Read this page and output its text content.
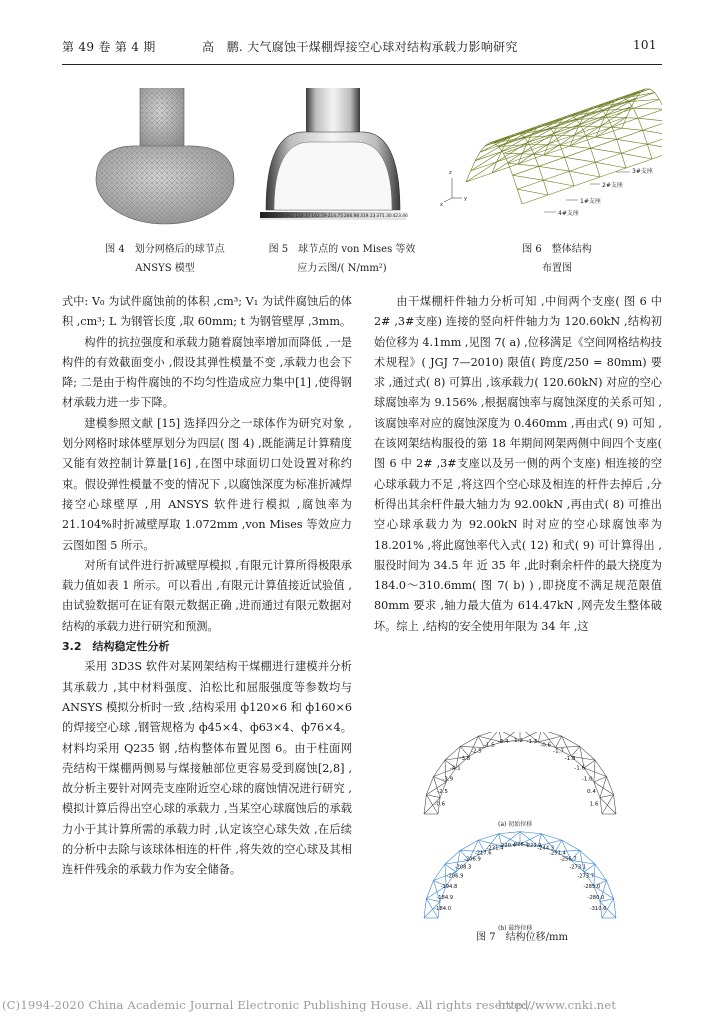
第 49 卷 第 4 期	高　鹏. 大气腐蚀干煤棚焊接空心球对结构承载力影响研究	101
图 4　划分网格后的球节点
ANSYS 模型
6.214E8 57.911 110.37 162.59 214.75 266.98 319.13 371.30 423.46
图 5　球节点的 von Mises 等效
应力云图/( N/mm²)
z
x
y
3#支座
2#支座
1#支座
4#支座
图 6　整体结构
布置图

式中: V₀ 为试件腐蚀前的体积 ,cm³; V₁ 为试件腐蚀后的体积 ,cm³; L 为钢管长度 ,取 60mm; t 为钢管壁厚 ,3mm。

构件的抗拉强度和承载力随着腐蚀率增加而降低 ,一是构件的有效截面变小 ,假设其弹性模量不变 ,承载力也会下降; 二是由于构件腐蚀的不均匀性造成应力集中[1] ,使得钢材承载力进一步下降。

建模参照文献 [15] 选择四分之一球体作为研究对象 ,划分网格时球体壁厚划分为四层( 图 4) ,既能满足计算精度又能有效控制计算量[16] ,在图中球面切口处设置对称约束。假设弹性模量不变的情况下 ,以腐蚀深度为标准折减焊接空心球壁厚 ,用 ANSYS 软件进行模拟 ,腐蚀率为 21.104%时折减壁厚取 1.072mm ,von Mises 等效应力云图如图 5 所示。

对所有试件进行折减壁厚模拟 ,有限元计算所得极限承载力值如表 1 所示。可以看出 ,有限元计算值接近试验值 ,由试验数据可在证有限元数据正确 ,进而通过有限元数据对结构的承载力进行研究和预测。

3.2　结构稳定性分析

采用 3D3S 软件对某网架结构干煤棚进行建模并分析其承载力 ,其中材料强度、泊松比和屈服强度等参数均与 ANSYS 模拟分析时一致 ,结构采用 ф120×6 和 ф160×6 的焊接空心球 ,钢管规格为 ф45×4、ф63×4、ф76×4。材料均采用 Q235 钢 ,结构整体布置见图 6。由于柱面网壳结构干煤棚两侧易与煤接触部位更容易受到腐蚀[2,8] ,故分析主要针对网壳支座附近空心球的腐蚀情况进行研究 ,模拟计算后得出空心球的承载力 ,当某空心球腐蚀后的承载力小于其计算所需的承载力时 ,认定该空心球失效 ,在后续的分析中去除与该球体相连的杆件 ,将失效的空心球及其相连杆件残余的承载力作为安全储备。

由干煤棚杆件轴力分析可知 ,中间两个支座( 图 6 中 2# ,3#支座) 连接的竖向杆件轴力为 120.60kN ,结构初始位移为 4.1mm ,见图 7( a) ,位移满足《空间网格结构技术规程》( JGJ 7—2010) 限值( 跨度/250 = 80mm) 要求 ,通过式( 8) 可算出 ,该承载力( 120.60kN) 对应的空心球腐蚀率为 9.156% ,根据腐蚀率与腐蚀深度的关系可知 ,该腐蚀率对应的腐蚀深度为 0.460mm ,再由式( 9) 可知 ,在该网架结构服役的第 18 年期间网架两侧中间四个支座( 图 6 中 2# ,3#支座以及另一侧的两个支座) 相连接的空心球承载力不足 ,将这四个空心球及相连的杆件去掉后 ,分析得出其余杆件最大轴力为 92.00kN ,再由式( 8) 可推出空心球承载力为 92.00kN 时对应的空心球腐蚀率为 18.201% ,将此腐蚀率代入式( 12) 和式( 9) 可计算得出 ,服役时间为 34.5 年 近 35 年 ,此时剩余杆件的最大挠度为 184.0～310.6mm( 图 7( b) ) ,即挠度不满足规范限值 80mm 要求 ,轴力最大值为 614.47kN ,网壳发生整体破坏。综上 ,结构的安全使用年限为 34 年 ,这

-0.6
-2.5
-3.9
-4.1
-3.8
-2.5
-1.5
-0.4 -1.2 -1.3
-0.6
-1.7
-1.8
-1.6
-1.0
0.4
1.6
-184.0
-184.9
-194.8
-206.9
-208.3
-206.9
-217.6
-231.4
-220.4
-226.1
-223.9
-244.3
-251.4
-256.7
-273.1
-273.7
-285.0
-280.0
-310.6
(a) 初始位移
(b) 最终位移
图 7　结构位移/mm
(C)1994-2020 China Academic Journal Electronic Publishing House. All rights reserved.
http://www.cnki.net
